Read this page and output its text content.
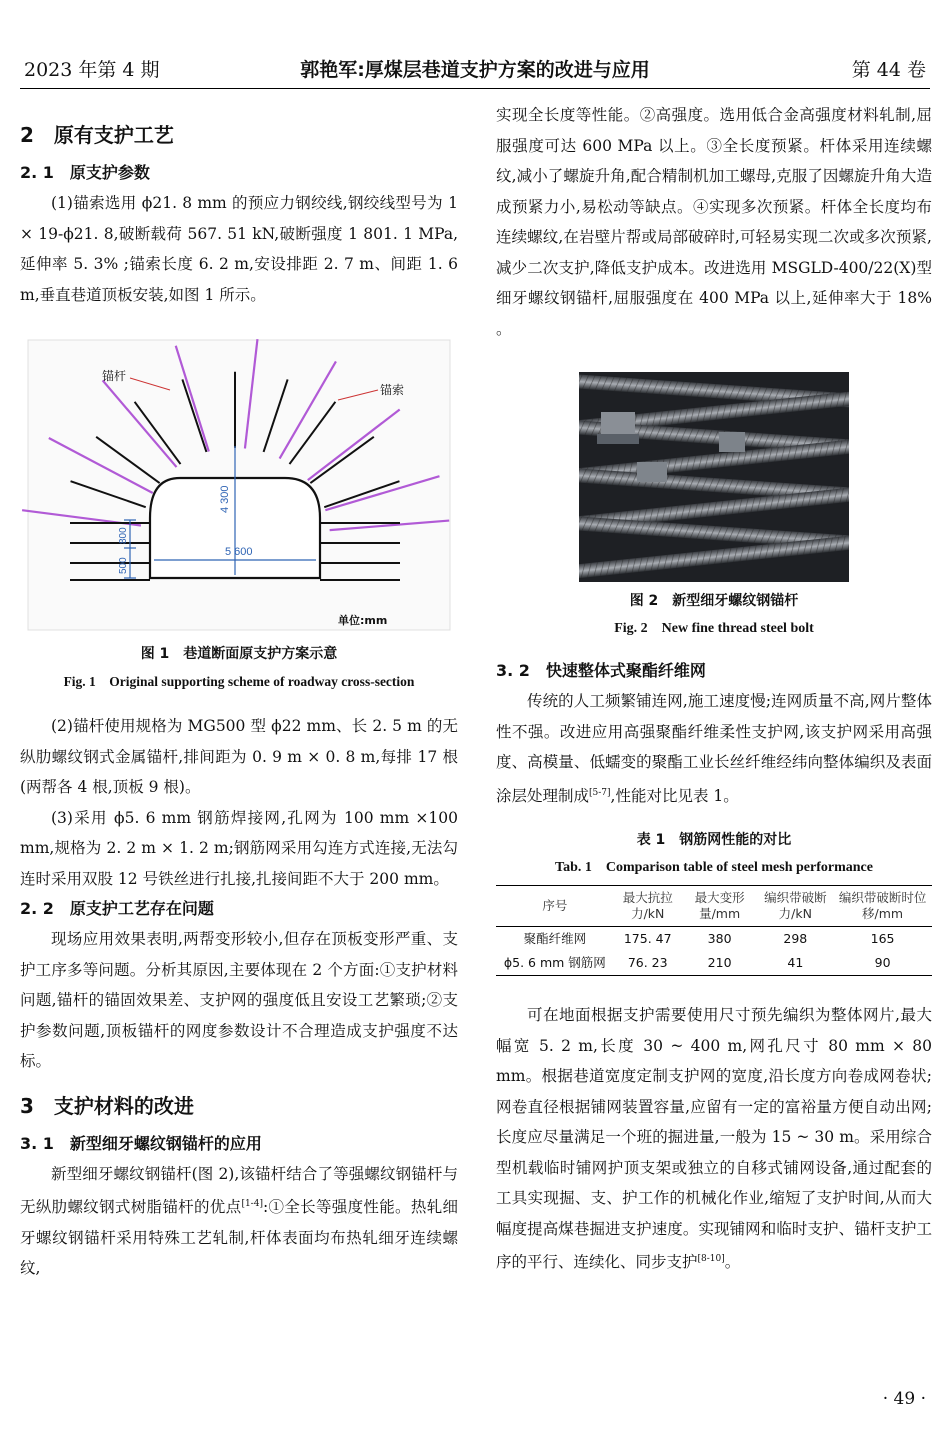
2023 年第 4 期	郭艳军:厚煤层巷道支护方案的改进与应用	第 44 卷
2　原有支护工艺
2. 1　原支护参数

(1)锚索选用 ϕ21. 8 mm 的预应力钢绞线,钢绞线型号为 1 × 19-ϕ21. 8,破断载荷 567. 51 kN,破断强度 1 801. 1 MPa,延伸率 5. 3% ;锚索长度 6. 2 m,安设排距 2. 7 m、间距 1. 6 m,垂直巷道顶板安装,如图 1 所示。

4 300
5 600
800
500
锚杆
锚索
单位:mm
图 1　巷道断面原支护方案示意
Fig. 1　Original supporting scheme of roadway cross-section

(2)锚杆使用规格为 MG500 型 ϕ22 mm、长 2. 5 m 的无纵肋螺纹钢式金属锚杆,排间距为 0. 9 m × 0. 8 m,每排 17 根(两帮各 4 根,顶板 9 根)。

(3)采用 ϕ5. 6 mm 钢筋焊接网,孔网为 100 mm ×100 mm,规格为 2. 2 m × 1. 2 m;钢筋网采用勾连方式连接,无法勾连时采用双股 12 号铁丝进行扎接,扎接间距不大于 200 mm。

2. 2　原支护工艺存在问题

现场应用效果表明,两帮变形较小,但存在顶板变形严重、支护工序多等问题。分析其原因,主要体现在 2 个方面:①支护材料问题,锚杆的锚固效果差、支护网的强度低且安设工艺繁琐;②支护参数问题,顶板锚杆的网度参数设计不合理造成支护强度不达标。

3　支护材料的改进
3. 1　新型细牙螺纹钢锚杆的应用

新型细牙螺纹钢锚杆(图 2),该锚杆结合了等强螺纹钢锚杆与无纵肋螺纹钢式树脂锚杆的优点[1-4]:①全长等强度性能。热轧细牙螺纹钢锚杆采用特殊工艺轧制,杆体表面均布热轧细牙连续螺纹,

实现全长度等性能。②高强度。选用低合金高强度材料轧制,屈服强度可达 600 MPa 以上。③全长度预紧。杆体采用连续螺纹,减小了螺旋升角,配合精制机加工螺母,克服了因螺旋升角大造成预紧力小,易松动等缺点。④实现多次预紧。杆体全长度均布连续螺纹,在岩壁片帮或局部破碎时,可轻易实现二次或多次预紧,减少二次支护,降低支护成本。改进选用 MSGLD-400/22(X)型细牙螺纹钢锚杆,屈服强度在 400 MPa 以上,延伸率大于 18% 。

图 2　新型细牙螺纹钢锚杆
Fig. 2　New fine thread steel bolt
3. 2　快速整体式聚酯纤维网

传统的人工频繁铺连网,施工速度慢;连网质量不高,网片整体性不强。改进应用高强聚酯纤维柔性支护网,该支护网采用高强度、高模量、低蠕变的聚酯工业长丝纤维经纬向整体编织及表面涂层处理制成[5-7],性能对比见表 1。

表 1　钢筋网性能的对比
Tab. 1　Comparison table of steel mesh performance
序号	最大抗拉力/kN	最大变形量/mm	编织带破断力/kN	编织带破断时位移/mm
聚酯纤维网	175. 47	380	298	165
ϕ5. 6 mm 钢筋网	76. 23	210	41	90

可在地面根据支护需要使用尺寸预先编织为整体网片,最大幅宽 5. 2 m,长度 30 ~ 400 m,网孔尺寸 80 mm × 80 mm。根据巷道宽度定制支护网的宽度,沿长度方向卷成网卷状;网卷直径根据铺网装置容量,应留有一定的富裕量方便自动出网;长度应尽量满足一个班的掘进量,一般为 15 ~ 30 m。采用综合型机载临时铺网护顶支架或独立的自移式铺网设备,通过配套的工具实现掘、支、护工作的机械化作业,缩短了支护时间,从而大幅度提高煤巷掘进支护速度。实现铺网和临时支护、锚杆支护工序的平行、连续化、同步支护[8-10]。

· 49 ·
